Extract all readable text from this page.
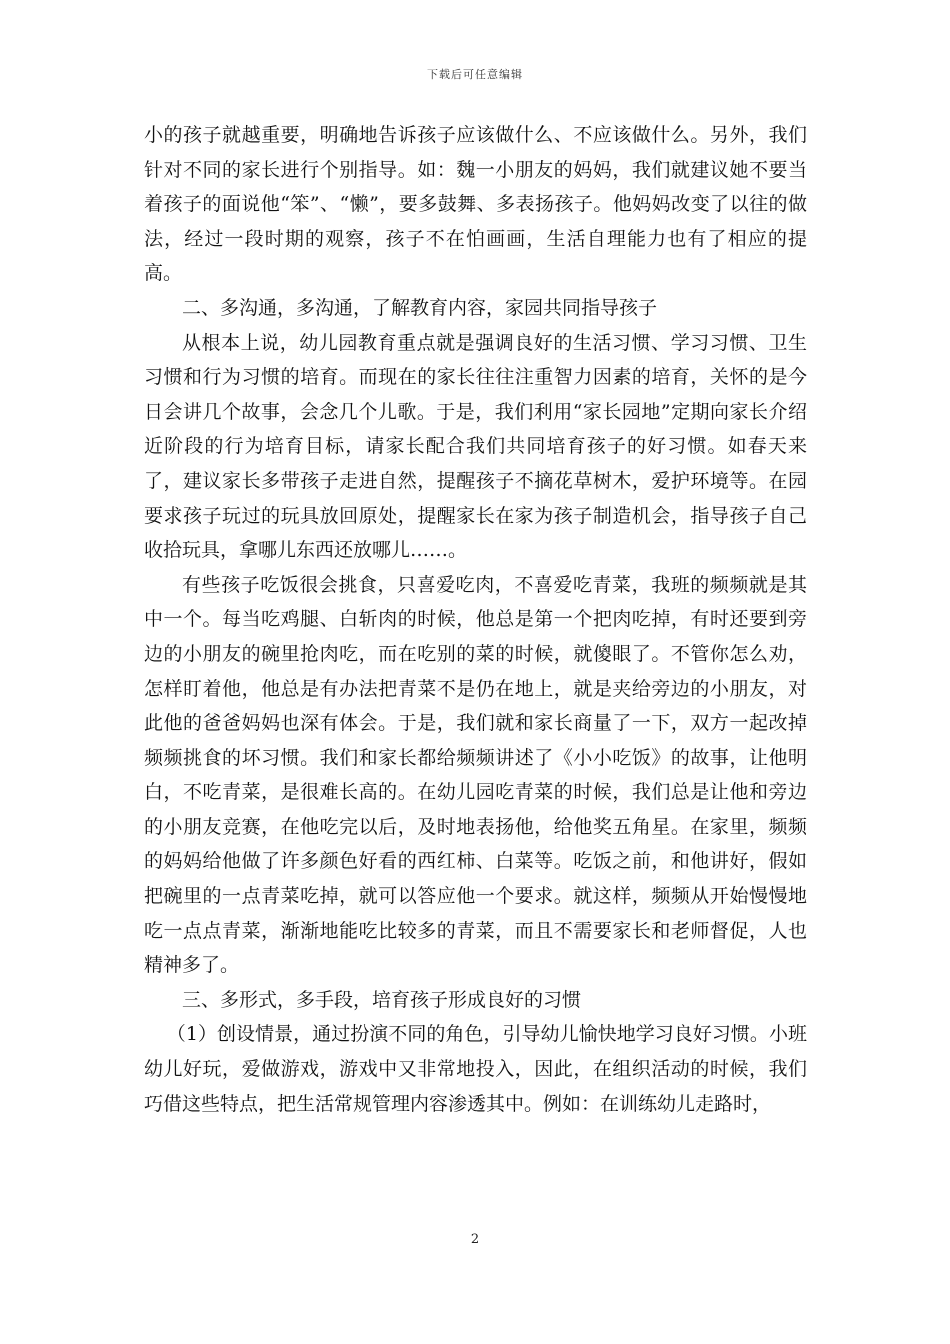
下载后可任意编辑

小的孩子就越重要，明确地告诉孩子应该做什么、不应该做什么。另外，我们针对不同的家长进行个别指导。如：魏一小朋友的妈妈，我们就建议她不要当着孩子的面说他“笨”、“懒”，要多鼓舞、多表扬孩子。他妈妈改变了以往的做法，经过一段时期的观察，孩子不在怕画画，生活自理能力也有了相应的提高。

二、多沟通，多沟通，了解教育内容，家园共同指导孩子

从根本上说，幼儿园教育重点就是强调良好的生活习惯、学习习惯、卫生习惯和行为习惯的培育。而现在的家长往往注重智力因素的培育，关怀的是今日会讲几个故事，会念几个儿歌。于是，我们利用“家长园地”定期向家长介绍近阶段的行为培育目标，请家长配合我们共同培育孩子的好习惯。如春天来了，建议家长多带孩子走进自然，提醒孩子不摘花草树木，爱护环境等。在园要求孩子玩过的玩具放回原处，提醒家长在家为孩子制造机会，指导孩子自己收拾玩具，拿哪儿东西还放哪儿……。

有些孩子吃饭很会挑食，只喜爱吃肉，不喜爱吃青菜，我班的频频就是其中一个。每当吃鸡腿、白斩肉的时候，他总是第一个把肉吃掉，有时还要到旁边的小朋友的碗里抢肉吃，而在吃别的菜的时候，就傻眼了。不管你怎么劝，怎样盯着他，他总是有办法把青菜不是仍在地上，就是夹给旁边的小朋友，对此他的爸爸妈妈也深有体会。于是，我们就和家长商量了一下，双方一起改掉频频挑食的坏习惯。我们和家长都给频频讲述了《小小吃饭》的故事，让他明白，不吃青菜，是很难长高的。在幼儿园吃青菜的时候，我们总是让他和旁边的小朋友竞赛，在他吃完以后，及时地表扬他，给他奖五角星。在家里，频频的妈妈给他做了许多颜色好看的西红柿、白菜等。吃饭之前，和他讲好，假如把碗里的一点青菜吃掉，就可以答应他一个要求。就这样，频频从开始慢慢地吃一点点青菜，渐渐地能吃比较多的青菜，而且不需要家长和老师督促，人也精神多了。

三、多形式，多手段，培育孩子形成良好的习惯

（1）创设情景，通过扮演不同的角色，引导幼儿愉快地学习良好习惯。小班幼儿好玩，爱做游戏，游戏中又非常地投入，因此，在组织活动的时候，我们巧借这些特点，把生活常规管理内容渗透其中。例如：在训练幼儿走路时，

2
